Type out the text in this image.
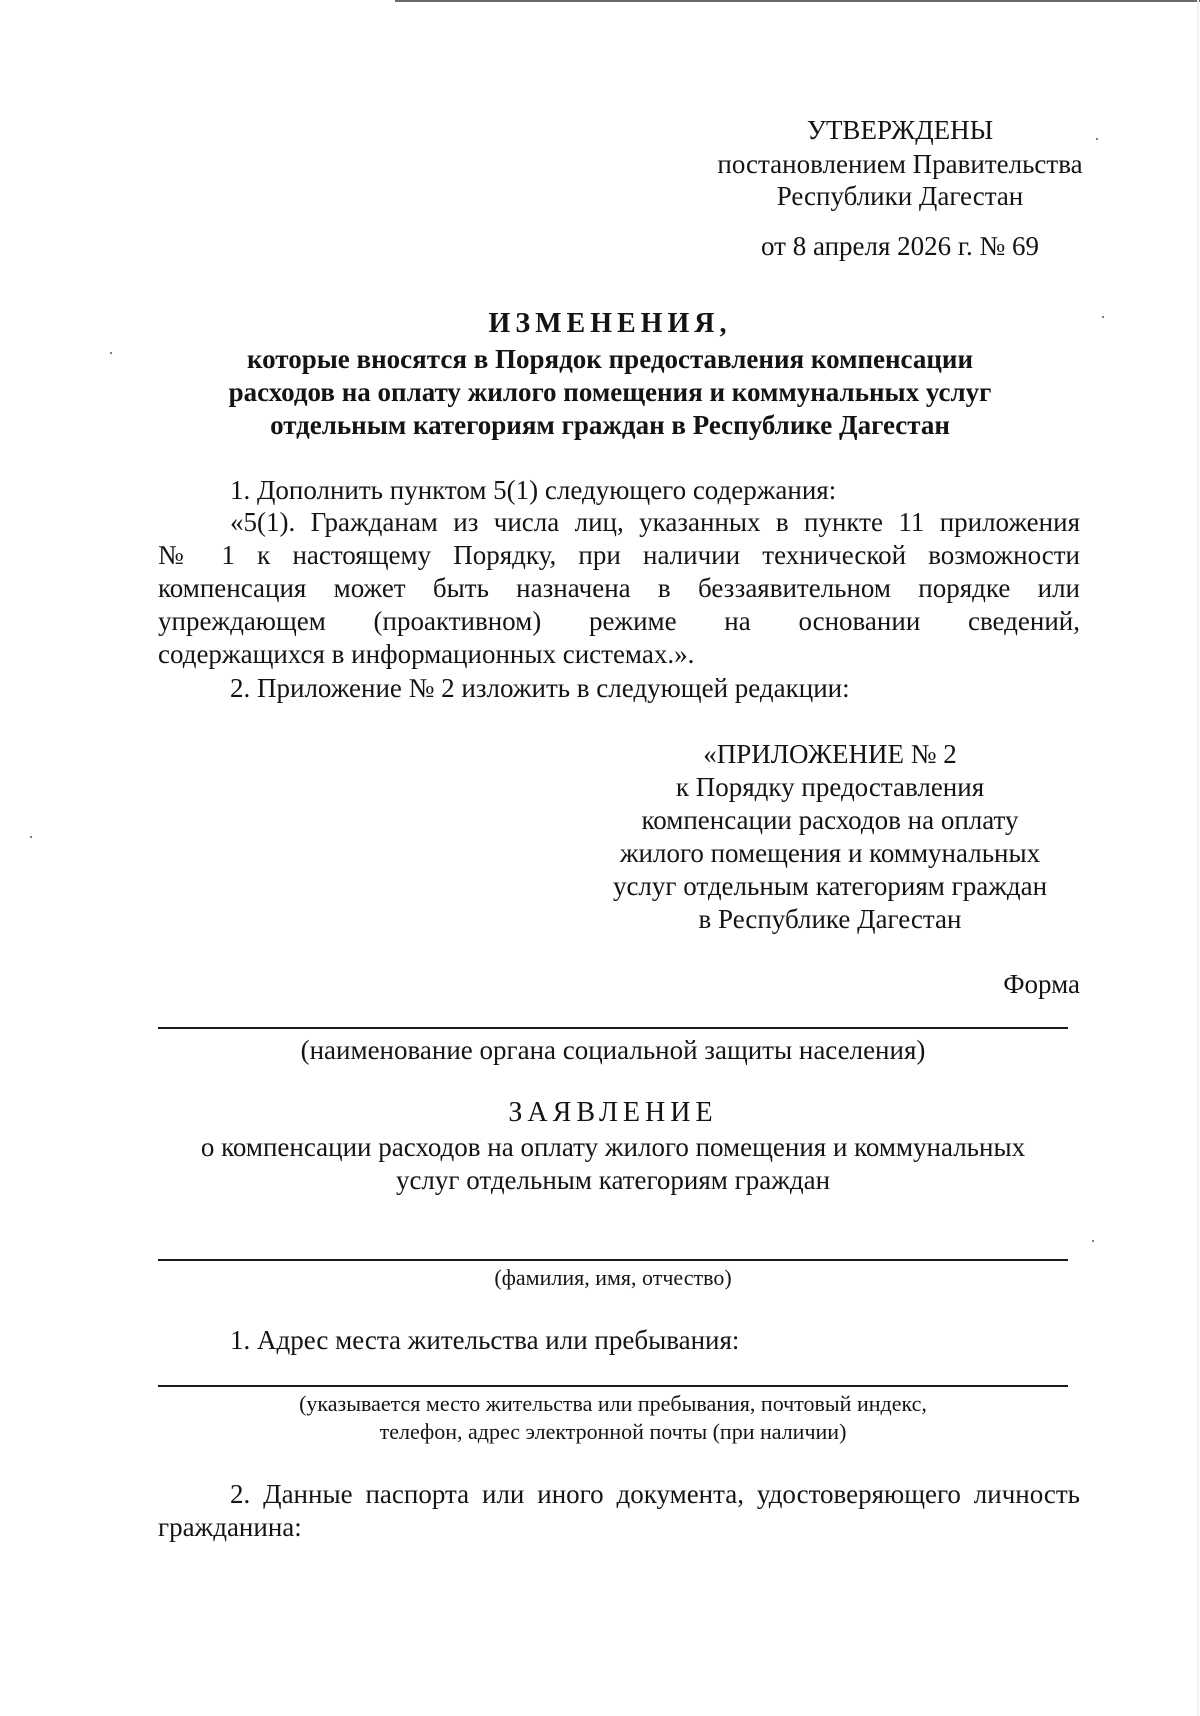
УТВЕРЖДЕНЫ
постановлением Правительства
Республики Дагестан
от 8 апреля 2026 г. № 69
ИЗМЕНЕНИЯ,
которые вносятся в Порядок предоставления компенсации
расходов на оплату жилого помещения и коммунальных услуг
отдельным категориям граждан в Республике Дагестан
1. Дополнить пунктом 5(1) следующего содержания:
«5(1). Гражданам из числа лиц, указанных в пункте 11 приложения
№ 1 к настоящему Порядку, при наличии технической возможности
компенсация может быть назначена в беззаявительном порядке или
упреждающем (проактивном) режиме на основании сведений,
содержащихся в информационных системах.».
2. Приложение № 2 изложить в следующей редакции:
«ПРИЛОЖЕНИЕ № 2
к Порядку предоставления
компенсации расходов на оплату
жилого помещения и коммунальных
услуг отдельным категориям граждан
в Республике Дагестан
Форма
(наименование органа социальной защиты населения)
ЗАЯВЛЕНИЕ
о компенсации расходов на оплату жилого помещения и коммунальных
услуг отдельным категориям граждан
(фамилия, имя, отчество)
1. Адрес места жительства или пребывания:
(указывается место жительства или пребывания, почтовый индекс,
телефон, адрес электронной почты (при наличии)
2. Данные паспорта или иного документа, удостоверяющего личность
гражданина:
